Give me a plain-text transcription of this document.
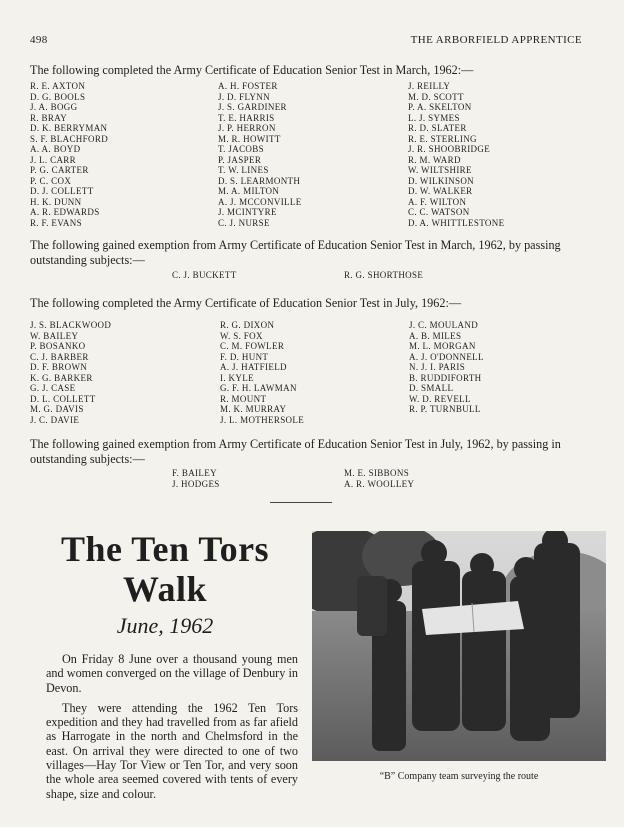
498	THE ARBORFIELD APPRENTICE
The following completed the Army Certificate of Education Senior Test in March, 1962:—
R. E. AXTON
D. G. BOOLS
J. A. BOGG
R. BRAY
D. K. BERRYMAN
S. F. BLACHFORD
A. A. BOYD
J. L. CARR
P. G. CARTER
P. C. COX
D. J. COLLETT
H. K. DUNN
A. R. EDWARDS
R. F. EVANS
A. H. FOSTER
J. D. FLYNN
J. S. GARDINER
T. E. HARRIS
J. P. HERRON
M. R. HOWITT
T. JACOBS
P. JASPER
T. W. LINES
D. S. LEARMONTH
M. A. MILTON
A. J. MCCONVILLE
J. MCINTYRE
C. J. NURSE
J. REILLY
M. D. SCOTT
P. A. SKELTON
L. J. SYMES
R. D. SLATER
R. E. STERLING
J. R. SHOOBRIDGE
R. M. WARD
W. WILTSHIRE
D. WILKINSON
D. W. WALKER
A. F. WILTON
C. C. WATSON
D. A. WHITTLESTONE
The following gained exemption from Army Certificate of Education Senior Test in March, 1962, by passing outstanding subjects:—
C. J. BUCKETT	R. G. SHORTHOSE
The following completed the Army Certificate of Education Senior Test in July, 1962:—
J. S. BLACKWOOD
W. BAILEY
P. BOSANKO
C. J. BARBER
D. F. BROWN
K. G. BARKER
G. J. CASE
D. L. COLLETT
M. G. DAVIS
J. C. DAVIE
R. G. DIXON
W. S. FOX
C. M. FOWLER
F. D. HUNT
A. J. HATFIELD
I. KYLE
G. F. H. LAWMAN
R. MOUNT
M. K. MURRAY
J. L. MOTHERSOLE
J. C. MOULAND
A. B. MILES
M. L. MORGAN
A. J. O'DONNELL
N. J. I. PARIS
B. RUDDIFORTH
D. SMALL
W. D. REVELL
R. P. TURNBULL
The following gained exemption from Army Certificate of Education Senior Test in July, 1962, by passing in outstanding subjects:—
F. BAILEY
J. HODGES
M. E. SIBBONS
A. R. WOOLLEY
The Ten Tors
Walk
June, 1962

On Friday 8 June over a thousand young men and women converged on the village of Denbury in Devon.

They were attending the 1962 Ten Tors expedition and they had travelled from as far afield as Harrogate in the north and Chelmsford in the east. On arrival they were directed to one of two villages—Hay Tor View or Ten Tor, and very soon the whole area seemed covered with tents of every shape, size and colour.

“B” Company team surveying the route
